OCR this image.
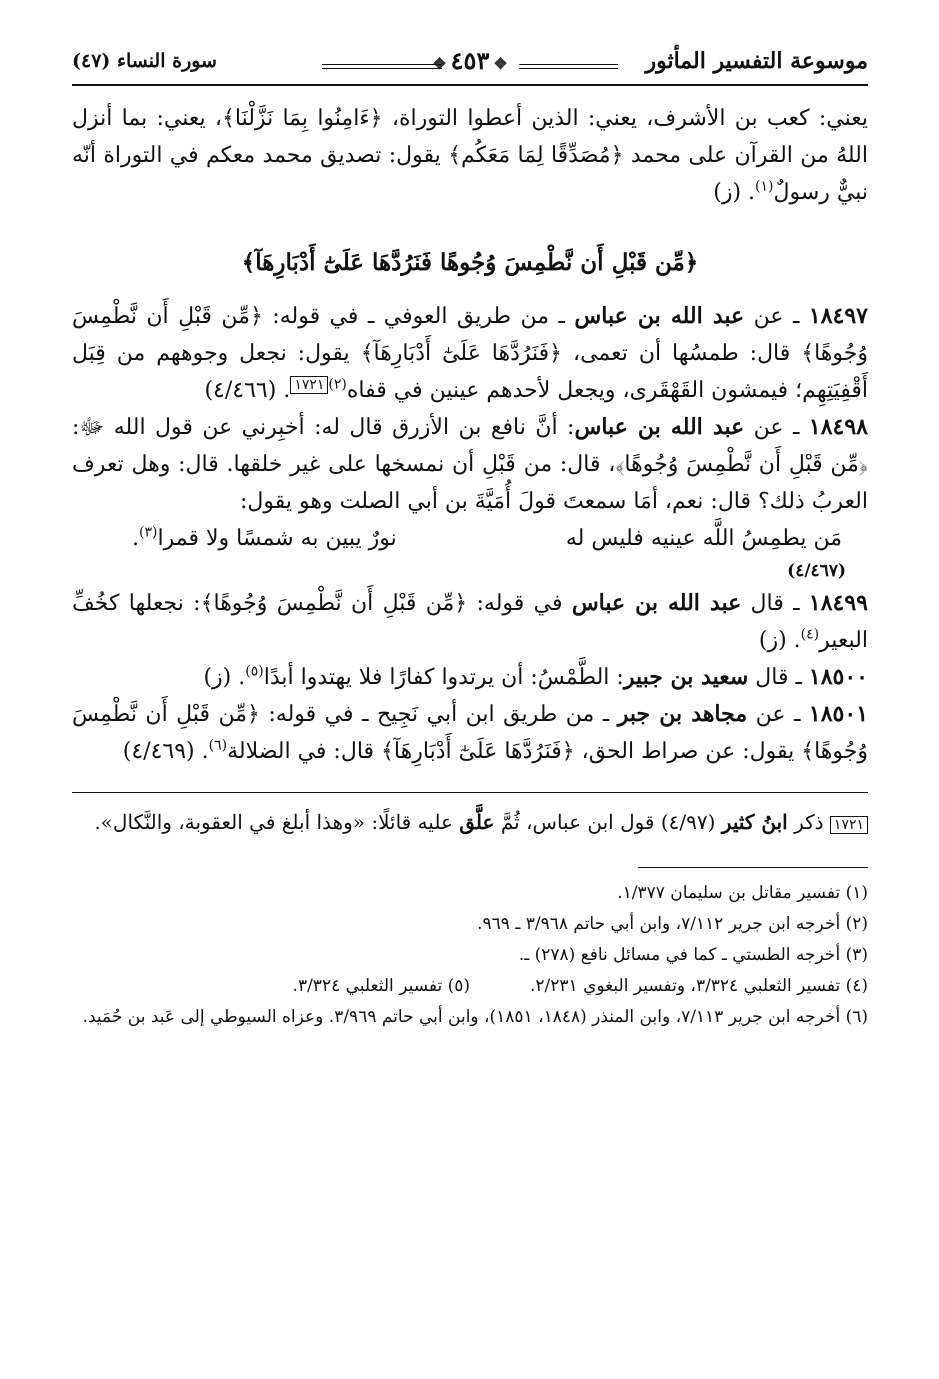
موسوعة التفسير المأثور
❖٤٥٣❖
سورة النساء (٤٧)

يعني: كعب بن الأشرف، يعني: الذين أعطوا التوراة، ﴿ءَامِنُوا بِمَا نَزَّلْنَا﴾، يعني: بما أنزل اللهُ من القرآن على محمد ﴿مُصَدِّقًا لِمَا مَعَكُم﴾ يقول: تصديق محمد معكم في التوراة أنّه نبيٌّ رسولٌ$^{(١)}$. (ز)

﴿مِّن قَبْلِ أَن نَّطْمِسَ وُجُوهًا فَنَرُدَّهَا عَلَىٰٓ أَدْبَارِهَآ﴾

١٨٤٩٧ ـ عن عبد الله بن عباس ـ من طريق العوفي ـ في قوله: ﴿مِّن قَبْلِ أَن نَّطْمِسَ وُجُوهًا﴾ قال: طمسُها أن تعمى، ﴿فَنَرُدَّهَا عَلَىٰٓ أَدْبَارِهَآ﴾ يقول: نجعل وجوههم من قِبَل أَقْفِيَتِهِم؛ فيمشون القَهْقَرى، ويجعل لأحدهم عينين في قفاه$^{(٢)}$١٧٢١. (٤/٤٦٦)

١٨٤٩٨ ـ عن عبد الله بن عباس: أنَّ نافع بن الأزرق قال له: أخبِرني عن قول الله ﷻ: ﴿مِّن قَبْلِ أَن نَّطْمِسَ وُجُوهًا﴾، قال: من قَبْلِ أن نمسخها على غير خلقها. قال: وهل تعرف العربُ ذلك؟ قال: نعم، أمَا سمعتَ قولَ أُمَيَّةَ بن أبي الصلت وهو يقول:

مَن يطمِسُ اللَّه عينيه فليس له
نورٌ يبين به شمسًا ولا قمرا$^{(٣)}$.
(٤/٤٦٧)

١٨٤٩٩ ـ قال عبد الله بن عباس في قوله: ﴿مِّن قَبْلِ أَن نَّطْمِسَ وُجُوهًا﴾: نجعلها كخُفِّ البعير$^{(٤)}$. (ز)

١٨٥٠٠ ـ قال سعيد بن جبير: الطَّمْسُ: أن يرتدوا كفارًا فلا يهتدوا أبدًا$^{(٥)}$. (ز)

١٨٥٠١ ـ عن مجاهد بن جبر ـ من طريق ابن أبي نَجِيح ـ في قوله: ﴿مِّن قَبْلِ أَن نَّطْمِسَ وُجُوهًا﴾ يقول: عن صراط الحق، ﴿فَنَرُدَّهَا عَلَىٰٓ أَدْبَارِهَآ﴾ قال: في الضلالة$^{(٦)}$. (٤/٤٦٩)

١٧٢١ ذكر ابنُ كثير (٤/٩٧) قول ابن عباس، ثُمَّ علَّق عليه قائلًا: «وهذا أبلغ في العقوبة، والنَّكال».

(١) تفسير مقاتل بن سليمان ١/٣٧٧.
(٢) أخرجه ابن جرير ٧/١١٢، وابن أبي حاتم ٣/٩٦٨ ـ ٩٦٩.
(٣) أخرجه الطستي ـ كما في مسائل نافع (٢٧٨) ـ.
(٤) تفسير الثعلبي ٣/٣٢٤، وتفسير البغوي ٢/٢٣١.
(٥) تفسير الثعلبي ٣/٣٢٤.
(٦) أخرجه ابن جرير ٧/١١٣، وابن المنذر (١٨٤٨، ١٨٥١)، وابن أبي حاتم ٣/٩٦٩. وعزاه السيوطي إلى عَبد بن حُمَيد.
